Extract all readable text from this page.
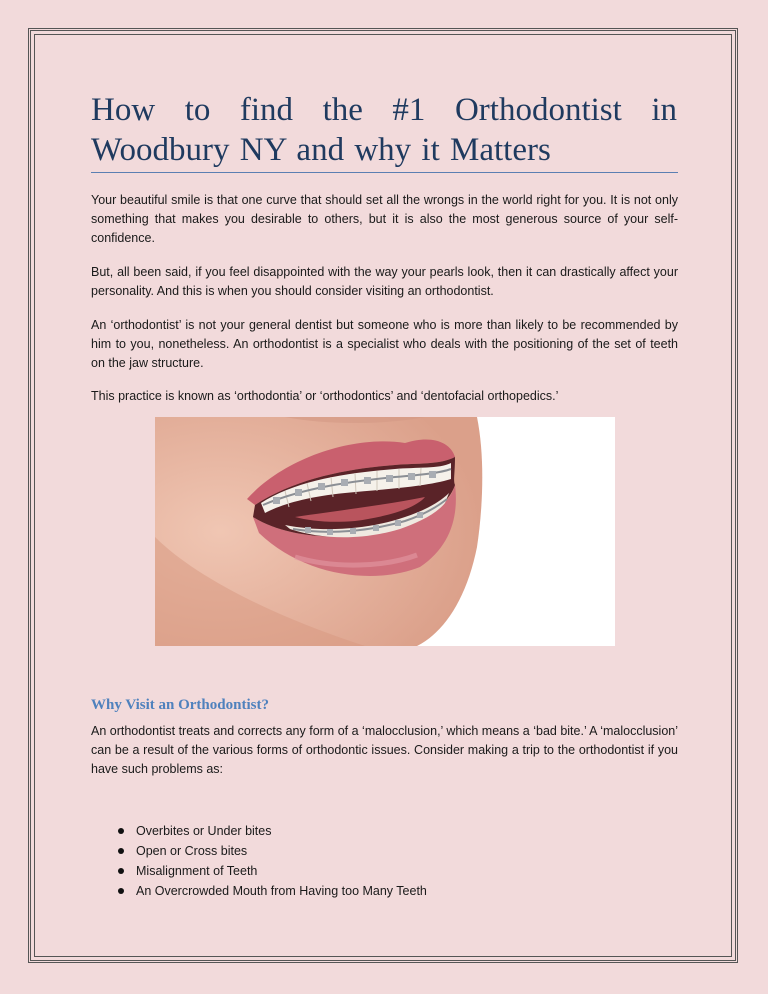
How to find the #1 Orthodontist in Woodbury NY and why it Matters

Your beautiful smile is that one curve that should set all the wrongs in the world right for you. It is not only something that makes you desirable to others, but it is also the most generous source of your self-confidence.

But, all been said, if you feel disappointed with the way your pearls look, then it can drastically affect your personality. And this is when you should consider visiting an orthodontist.

An ‘orthodontist’ is not your general dentist but someone who is more than likely to be recommended by him to you, nonetheless. An orthodontist is a specialist who deals with the positioning of the set of teeth on the jaw structure.

This practice is known as ‘orthodontia’ or ‘orthodontics’ and ‘dentofacial orthopedics.’

Why Visit an Orthodontist?

An orthodontist treats and corrects any form of a ‘malocclusion,’ which means a ‘bad bite.’ A ‘malocclusion’ can be a result of the various forms of orthodontic issues. Consider making a trip to the orthodontist if you have such problems as:

Overbites or Under bites
Open or Cross bites
Misalignment of Teeth
An Overcrowded Mouth from Having too Many Teeth
